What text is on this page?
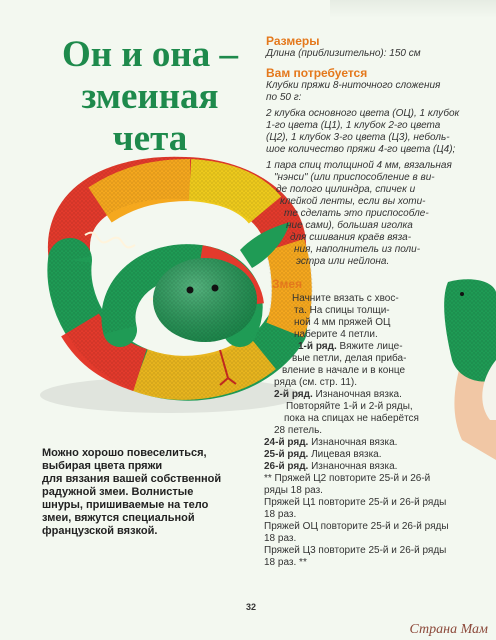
Он и она –
змеиная
чета

Размеры

Длина (приблизительно): 150 см

Вам потребуется

Клубки пряжи 8-ниточного сложения

по 50 г:

2 клубка основного цвета (ОЦ), 1 клубок

1-го цвета (Ц1), 1 клубок 2-го цвета

(Ц2), 1 клубок 3-го цвета (Ц3), неболь-

шое количество пряжи 4-го цвета (Ц4);

1 пара спиц толщиной 4 мм, вязальная

"нэнси" (или приспособление в ви-

де полого цилиндра, спичек и

клейкой ленты, если вы хоти-

те сделать это приспособле-

ние сами), большая иголка

для сшивания краёв вяза-

ния, наполнитель из поли-

эстра или нейлона.

Змея

Начните вязать с хвос-
та. На спицы толщи-
ной 4 мм пряжей ОЦ
наберите 4 петли.
1-й ряд. Вяжите лице-
вые петли, делая приба-
вление в начале и в конце
ряда (см. стр. 11).
2-й ряд. Изнаночная вязка.
Повторяйте 1-й и 2-й ряды,
пока на спицах не наберётся
28 петель.
24-й ряд. Изнаночная вязка.
25-й ряд. Лицевая вязка.
26-й ряд. Изнаночная вязка.
** Пряжей Ц2 повторите 25-й и 26-й
ряды 18 раз.
Пряжей Ц1 повторите 25-й и 26-й ряды
18 раз.
Пряжей ОЦ повторите 25-й и 26-й ряды
18 раз.
Пряжей Ц3 повторите 25-й и 26-й ряды
18 раз. **
Можно хорошо повеселиться,
выбирая цвета пряжи
для вязания вашей собственной
радужной змеи. Волнистые
шнуры, пришиваемые на тело
змеи, вяжутся специальной
французской вязкой.
32
Страна Мам
